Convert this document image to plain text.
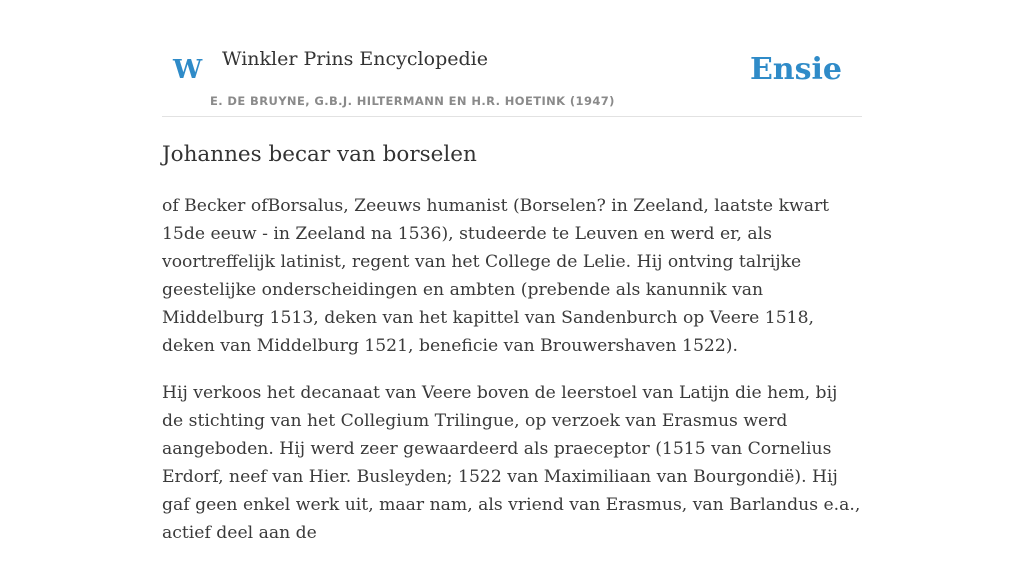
W Winkler Prins Encyclopedie
E. DE BRUYNE, G.B.J. HILTERMANN EN H.R. HOETINK (1947)
Ensie
Johannes becar van borselen

of Becker ofBorsalus, Zeeuws humanist (Borselen? in Zeeland, laatste kwart 15de eeuw - in Zeeland na 1536), studeerde te Leuven en werd er, als voortreffelijk latinist, regent van het College de Lelie. Hij ontving talrijke geestelijke onderscheidingen en ambten (prebende als kanunnik van Middelburg 1513, deken van het kapittel van Sandenburch op Veere 1518, deken van Middelburg 1521, beneficie van Brouwershaven 1522).

Hij verkoos het decanaat van Veere boven de leerstoel van Latijn die hem, bij de stichting van het Collegium Trilingue, op verzoek van Erasmus werd aangeboden. Hij werd zeer gewaardeerd als praeceptor (1515 van Cornelius Erdorf, neef van Hier. Busleyden; 1522 van Maximiliaan van Bourgondië). Hij gaf geen enkel werk uit, maar nam, als vriend van Erasmus, van Barlandus e.a., actief deel aan de
